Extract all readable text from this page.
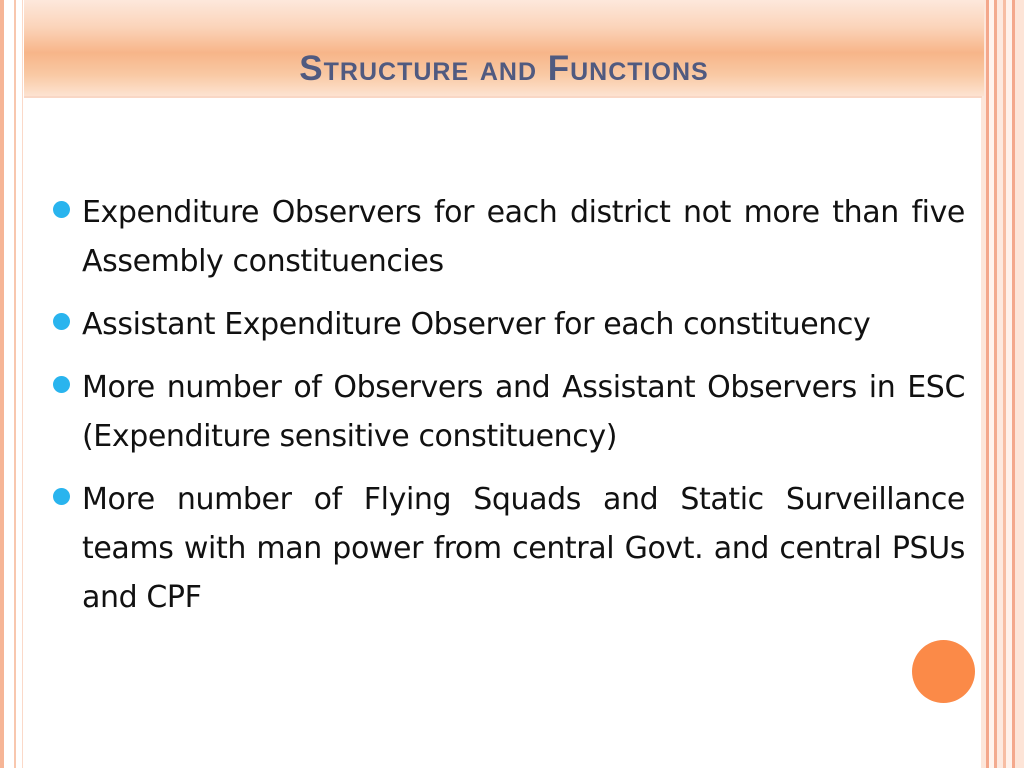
Structure and Functions
Expenditure Observers for each district not more than five Assembly constituencies
Assistant Expenditure Observer for each constituency
More number of Observers and Assistant Observers in ESC (Expenditure sensitive constituency)
More number of Flying Squads and Static Surveillance teams with man power from central Govt. and central PSUs and CPF
